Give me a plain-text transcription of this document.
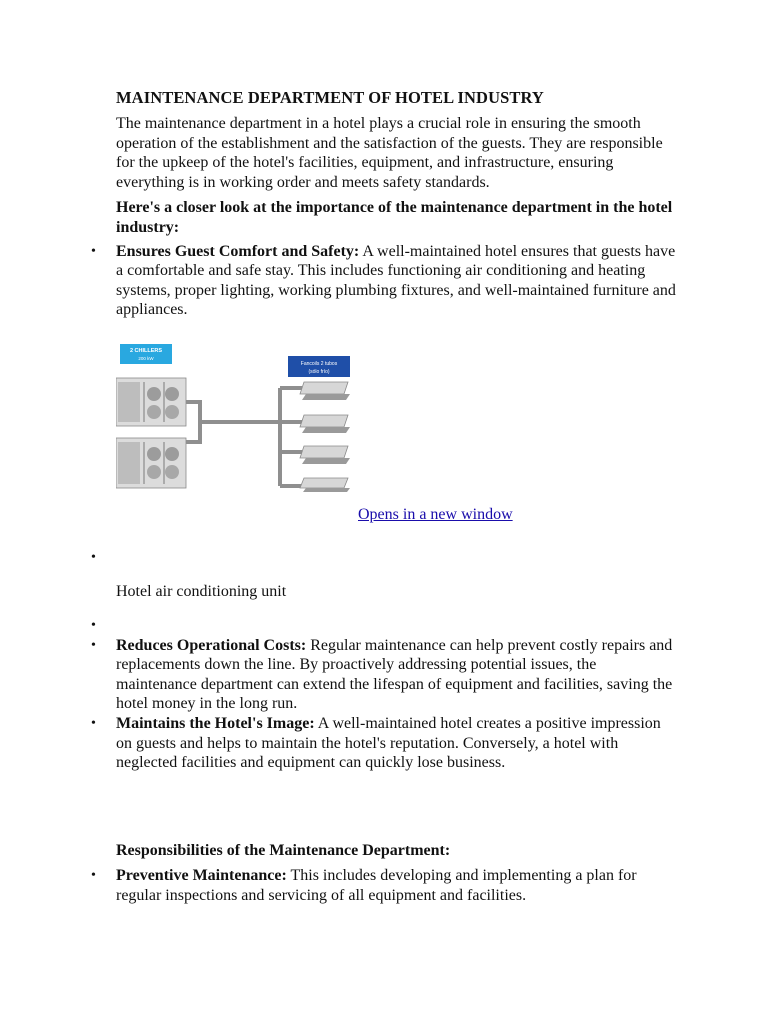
MAINTENANCE DEPARTMENT OF HOTEL INDUSTRY

The maintenance department in a hotel plays a crucial role in ensuring the smooth operation of the establishment and the satisfaction of the guests. They are responsible for the upkeep of the hotel's facilities, equipment, and infrastructure, ensuring everything is in working order and meets safety standards.

Here's a closer look at the importance of the maintenance department in the hotel industry:

• Ensures Guest Comfort and Safety: A well-maintained hotel ensures that guests have a comfortable and safe stay. This includes functioning air conditioning and heating systems, proper lighting, working plumbing fixtures, and well-maintained furniture and appliances.
2 CHILLERS
200 kW
Fancoils 2 tubos
(sólo frío)
Opens in a new window
•

Hotel air conditioning unit

•
• Reduces Operational Costs: Regular maintenance can help prevent costly repairs and replacements down the line. By proactively addressing potential issues, the maintenance department can extend the lifespan of equipment and facilities, saving the hotel money in the long run.
• Maintains the Hotel's Image: A well-maintained hotel creates a positive impression on guests and helps to maintain the hotel's reputation. Conversely, a hotel with neglected facilities and equipment can quickly lose business.

Responsibilities of the Maintenance Department:

• Preventive Maintenance: This includes developing and implementing a plan for regular inspections and servicing of all equipment and facilities.
